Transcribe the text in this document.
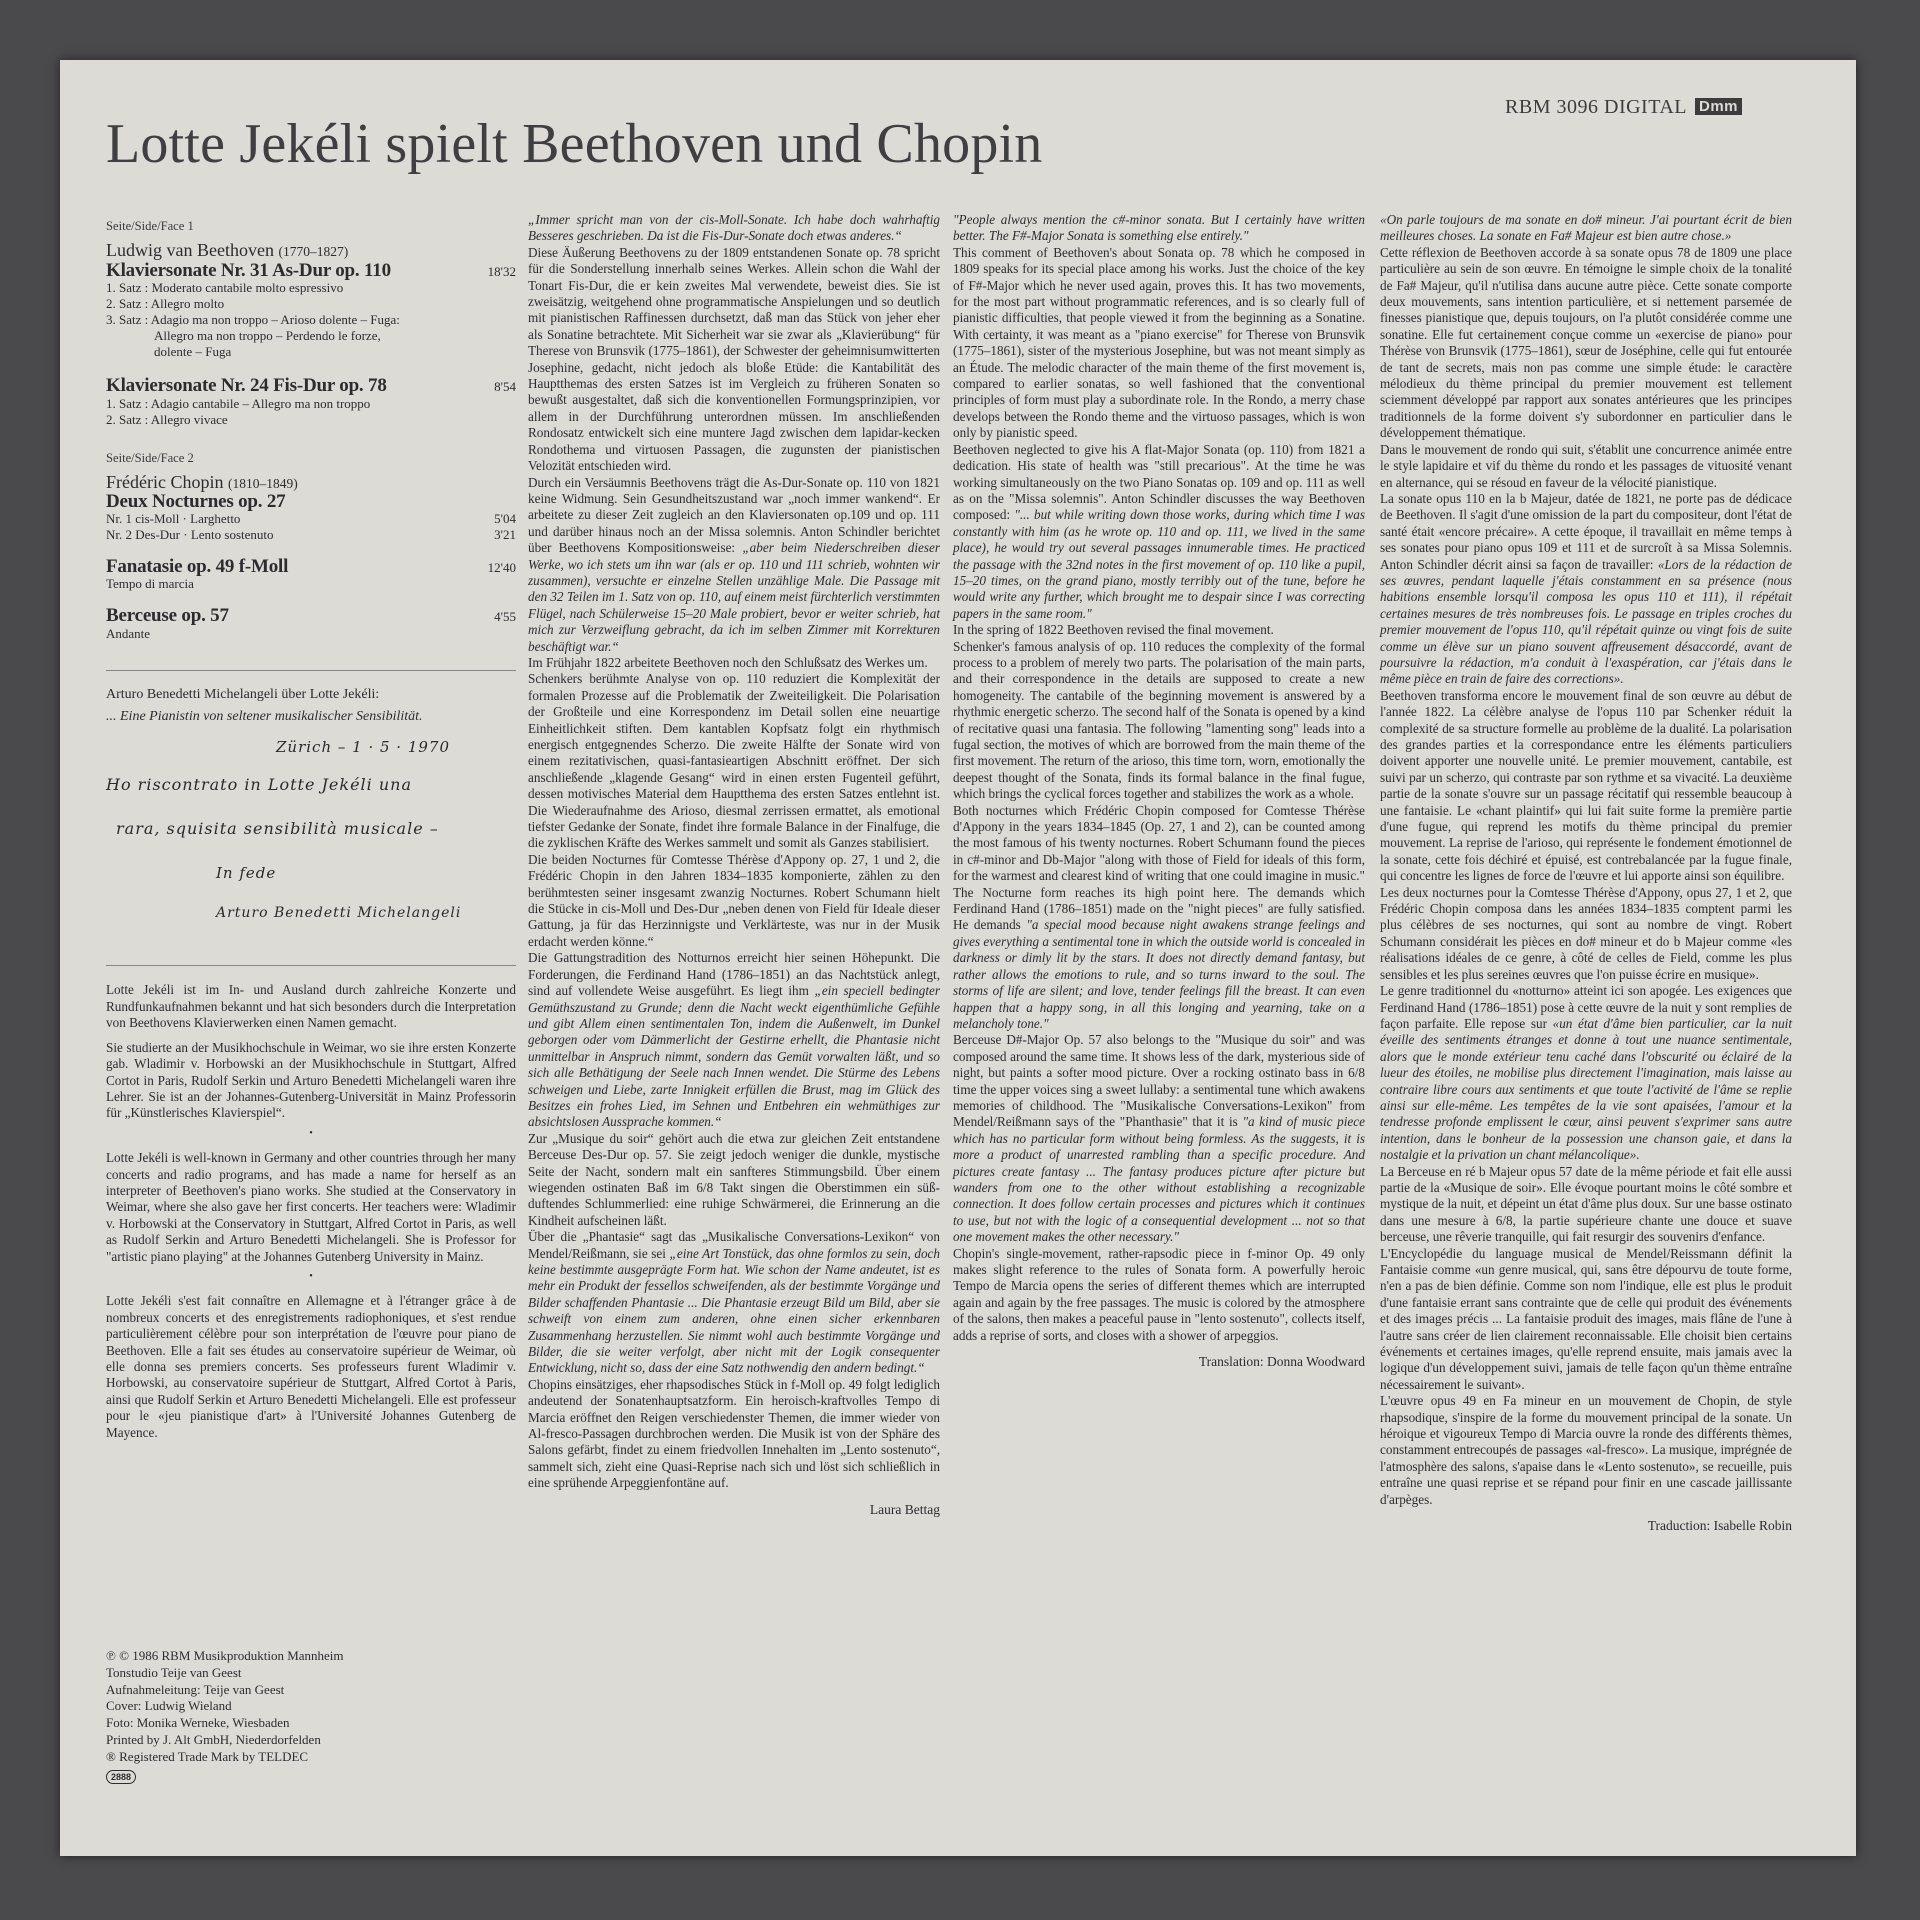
RBM 3096 DIGITAL Dmm
Lotte Jekéli spielt Beethoven und Chopin
Seite/Side/Face 1
Ludwig van Beethoven (1770–1827)
Klaviersonate Nr. 31 As-Dur op. 110	18'32
1. Satz : Moderato cantabile molto espressivo
2. Satz : Allegro molto
3. Satz : Adagio ma non troppo – Arioso dolente – Fuga:
Allegro ma non troppo – Perdendo le forze,
dolente – Fuga
Klaviersonate Nr. 24 Fis-Dur op. 78	8'54
1. Satz : Adagio cantabile – Allegro ma non troppo
2. Satz : Allegro vivace
Seite/Side/Face 2
Frédéric Chopin (1810–1849)
Deux Nocturnes op. 27
Nr. 1 cis-Moll · Larghetto	5'04
Nr. 2 Des-Dur · Lento sostenuto	3'21
Fanatasie op. 49 f-Moll	12'40
Tempo di marcia
Berceuse op. 57	4'55
Andante
Arturo Benedetti Michelangeli über Lotte Jekéli:
... Eine Pianistin von seltener musikalischer Sensibilität.
Zürich – 1 · 5 · 1970
Ho riscontrato in Lotte Jekéli una
rara, squisita sensibilità musicale –
In fede
Arturo Benedetti Michelangeli

Lotte Jekéli ist im In- und Ausland durch zahlreiche Konzerte und Rundfunkaufnahmen bekannt und hat sich besonders durch die Interpretation von Beethovens Klavierwerken einen Namen gemacht.

Sie studierte an der Musikhochschule in Weimar, wo sie ihre ersten Konzerte gab. Wladimir v. Horbowski an der Musikhochschule in Stuttgart, Alfred Cortot in Paris, Rudolf Serkin und Arturo Benedetti Michelangeli waren ihre Lehrer. Sie ist an der Johannes-Gutenberg-Universität in Mainz Professorin für „Künstlerisches Klavierspiel“.

•

Lotte Jekéli is well-known in Germany and other countries through her many concerts and radio programs, and has made a name for herself as an interpreter of Beethoven's piano works. She studied at the Conservatory in Weimar, where she also gave her first concerts. Her teachers were: Wladimir v. Horbowski at the Conservatory in Stuttgart, Alfred Cortot in Paris, as well as Rudolf Serkin and Arturo Benedetti Michelangeli. She is Professor for "artistic piano playing" at the Johannes Gutenberg University in Mainz.

•

Lotte Jekéli s'est fait connaître en Allemagne et à l'étranger grâce à de nombreux concerts et des enregistrements radiophoniques, et s'est rendue particulièrement célèbre pour son interprétation de l'œuvre pour piano de Beethoven. Elle a fait ses études au conservatoire supérieur de Weimar, où elle donna ses premiers concerts. Ses professeurs furent Wladimir v. Horbowski, au conservatoire supérieur de Stuttgart, Alfred Cortot à Paris, ainsi que Rudolf Serkin et Arturo Benedetti Michelangeli. Elle est professeur pour le «jeu pianistique d'art» à l'Université Johannes Gutenberg de Mayence.

℗ © 1986 RBM Musikproduktion Mannheim
Tonstudio Teije van Geest
Aufnahmeleitung: Teije van Geest
Cover: Ludwig Wieland
Foto: Monika Werneke, Wiesbaden
Printed by J. Alt GmbH, Niederdorfelden
® Registered Trade Mark by TELDEC
2888

„Immer spricht man von der cis-Moll-Sonate. Ich habe doch wahrhaftig Besseres geschrieben. Da ist die Fis-Dur-Sonate doch etwas anderes.“

Diese Äußerung Beethovens zu der 1809 entstandenen Sonate op. 78 spricht für die Sonderstellung innerhalb seines Werkes. Allein schon die Wahl der Tonart Fis-Dur, die er kein zweites Mal verwendete, beweist dies. Sie ist zweisätzig, weitgehend ohne programmatische Anspielungen und so deutlich mit pianistischen Raffinessen durchsetzt, daß man das Stück von jeher eher als Sonatine betrachtete. Mit Sicherheit war sie zwar als „Klavierübung“ für Therese von Brunsvik (1775–1861), der Schwester der geheimnisumwitterten Josephine, gedacht, nicht jedoch als bloße Etüde: die Kantabilität des Hauptthemas des ersten Satzes ist im Vergleich zu früheren Sonaten so bewußt ausgestaltet, daß sich die konventionellen Formungsprinzipien, vor allem in der Durchführung unterordnen müssen. Im anschließenden Rondosatz entwickelt sich eine muntere Jagd zwischen dem lapidar-kecken Rondothema und virtuosen Passagen, die zugunsten der pianistischen Velozität entschieden wird.

Durch ein Versäumnis Beethovens trägt die As-Dur-Sonate op. 110 von 1821 keine Widmung. Sein Gesundheitszustand war „noch immer wankend“. Er arbeitete zu dieser Zeit zugleich an den Klaviersonaten op.109 und op. 111 und darüber hinaus noch an der Missa solemnis. Anton Schindler berichtet über Beethovens Kompositionsweise: „aber beim Niederschreiben dieser Werke, wo ich stets um ihn war (als er op. 110 und 111 schrieb, wohnten wir zusammen), versuchte er einzelne Stellen unzählige Male. Die Passage mit den 32 Teilen im 1. Satz von op. 110, auf einem meist fürchterlich verstimmten Flügel, nach Schülerweise 15–20 Male probiert, bevor er weiter schrieb, hat mich zur Verzweiflung gebracht, da ich im selben Zimmer mit Korrekturen beschäftigt war.“

Im Frühjahr 1822 arbeitete Beethoven noch den Schlußsatz des Werkes um.

Schenkers berühmte Analyse von op. 110 reduziert die Komplexität der formalen Prozesse auf die Problematik der Zweiteiligkeit. Die Polarisation der Großteile und eine Korrespondenz im Detail sollen eine neuartige Einheitlichkeit stiften. Dem kantablen Kopfsatz folgt ein rhythmisch energisch entgegnendes Scherzo. Die zweite Hälfte der Sonate wird von einem rezitativischen, quasi-fantasieartigen Abschnitt eröffnet. Der sich anschließende „klagende Gesang“ wird in einen ersten Fugenteil geführt, dessen motivisches Material dem Hauptthema des ersten Satzes entlehnt ist. Die Wiederaufnahme des Arioso, diesmal zerrissen ermattet, als emotional tiefster Gedanke der Sonate, findet ihre formale Balance in der Finalfuge, die die zyklischen Kräfte des Werkes sammelt und somit als Ganzes stabilisiert.

Die beiden Nocturnes für Comtesse Thérèse d'Appony op. 27, 1 und 2, die Frédéric Chopin in den Jahren 1834–1835 komponierte, zählen zu den berühmtesten seiner insgesamt zwanzig Nocturnes. Robert Schumann hielt die Stücke in cis-Moll und Des-Dur „neben denen von Field für Ideale dieser Gattung, ja für das Herzinnigste und Verklärteste, was nur in der Musik erdacht werden könne.“

Die Gattungstradition des Notturnos erreicht hier seinen Höhepunkt. Die Forderungen, die Ferdinand Hand (1786–1851) an das Nachtstück anlegt, sind auf vollendete Weise ausgeführt. Es liegt ihm „ein speciell bedingter Gemüthszustand zu Grunde; denn die Nacht weckt eigenthümliche Gefühle und gibt Allem einen sentimentalen Ton, indem die Außenwelt, im Dunkel geborgen oder vom Dämmerlicht der Gestirne erhellt, die Phantasie nicht unmittelbar in Anspruch nimmt, sondern das Gemüt vorwalten läßt, und so sich alle Bethätigung der Seele nach Innen wendet. Die Stürme des Lebens schweigen und Liebe, zarte Innigkeit erfüllen die Brust, mag im Glück des Besitzes ein frohes Lied, im Sehnen und Entbehren ein wehmüthiges zur absichtslosen Aussprache kommen.“

Zur „Musique du soir“ gehört auch die etwa zur gleichen Zeit entstandene Berceuse Des-Dur op. 57. Sie zeigt jedoch weniger die dunkle, mystische Seite der Nacht, sondern malt ein sanfteres Stimmungsbild. Über einem wiegenden ostinaten Baß im 6/8 Takt singen die Oberstimmen ein süß-duftendes Schlummerlied: eine ruhige Schwärmerei, die Erinnerung an die Kindheit aufscheinen läßt.

Über die „Phantasie“ sagt das „Musikalische Conversations-Lexikon“ von Mendel/Reißmann, sie sei „eine Art Tonstück, das ohne formlos zu sein, doch keine bestimmte ausgeprägte Form hat. Wie schon der Name andeutet, ist es mehr ein Produkt der fessellos schweifenden, als der bestimmte Vorgänge und Bilder schaffenden Phantasie ... Die Phantasie erzeugt Bild um Bild, aber sie schweift von einem zum anderen, ohne einen sicher erkennbaren Zusammenhang herzustellen. Sie nimmt wohl auch bestimmte Vorgänge und Bilder, die sie weiter verfolgt, aber nicht mit der Logik consequenter Entwicklung, nicht so, dass der eine Satz nothwendig den andern bedingt.“

Chopins einsätziges, eher rhapsodisches Stück in f-Moll op. 49 folgt lediglich andeutend der Sonatenhauptsatzform. Ein heroisch-kraftvolles Tempo di Marcia eröffnet den Reigen verschiedenster Themen, die immer wieder von Al-fresco-Passagen durchbrochen werden. Die Musik ist von der Sphäre des Salons gefärbt, findet zu einem friedvollen Innehalten im „Lento sostenuto“, sammelt sich, zieht eine Quasi-Reprise nach sich und löst sich schließlich in eine sprühende Arpeggienfontäne auf.

Laura Bettag

"People always mention the c#-minor sonata. But I certainly have written better. The F#-Major Sonata is something else entirely."

This comment of Beethoven's about Sonata op. 78 which he composed in 1809 speaks for its special place among his works. Just the choice of the key of F#-Major which he never used again, proves this. It has two movements, for the most part without programmatic references, and is so clearly full of pianistic difficulties, that people viewed it from the beginning as a Sonatine. With certainty, it was meant as a "piano exercise" for Therese von Brunsvik (1775–1861), sister of the mysterious Josephine, but was not meant simply as an Étude. The melodic character of the main theme of the first movement is, compared to earlier sonatas, so well fashioned that the conventional principles of form must play a subordinate role. In the Rondo, a merry chase develops between the Rondo theme and the virtuoso passages, which is won only by pianistic speed.

Beethoven neglected to give his A flat-Major Sonata (op. 110) from 1821 a dedication. His state of health was "still precarious". At the time he was working simultaneously on the two Piano Sonatas op. 109 and op. 111 as well as on the "Missa solemnis". Anton Schindler discusses the way Beethoven composed: "... but while writing down those works, during which time I was constantly with him (as he wrote op. 110 and op. 111, we lived in the same place), he would try out several passages innumerable times. He practiced the passage with the 32nd notes in the first movement of op. 110 like a pupil, 15–20 times, on the grand piano, mostly terribly out of the tune, before he would write any further, which brought me to despair since I was correcting papers in the same room."

In the spring of 1822 Beethoven revised the final movement.

Schenker's famous analysis of op. 110 reduces the complexity of the formal process to a problem of merely two parts. The polarisation of the main parts, and their correspondence in the details are supposed to create a new homogeneity. The cantabile of the beginning movement is answered by a rhythmic energetic scherzo. The second half of the Sonata is opened by a kind of recitative quasi una fantasia. The following "lamenting song" leads into a fugal section, the motives of which are borrowed from the main theme of the first movement. The return of the arioso, this time torn, worn, emotionally the deepest thought of the Sonata, finds its formal balance in the final fugue, which brings the cyclical forces together and stabilizes the work as a whole.

Both nocturnes which Frédéric Chopin composed for Comtesse Thérèse d'Appony in the years 1834–1845 (Op. 27, 1 and 2), can be counted among the most famous of his twenty nocturnes. Robert Schumann found the pieces in c#-minor and Db-Major "along with those of Field for ideals of this form, for the warmest and clearest kind of writing that one could imagine in music."

The Nocturne form reaches its high point here. The demands which Ferdinand Hand (1786–1851) made on the "night pieces" are fully satisfied. He demands "a special mood because night awakens strange feelings and gives everything a sentimental tone in which the outside world is concealed in darkness or dimly lit by the stars. It does not directly demand fantasy, but rather allows the emotions to rule, and so turns inward to the soul. The storms of life are silent; and love, tender feelings fill the breast. It can even happen that a happy song, in all this longing and yearning, take on a melancholy tone."

Berceuse D#-Major Op. 57 also belongs to the "Musique du soir" and was composed around the same time. It shows less of the dark, mysterious side of night, but paints a softer mood picture. Over a rocking ostinato bass in 6/8 time the upper voices sing a sweet lullaby: a sentimental tune which awakens memories of childhood. The "Musikalische Conversations-Lexikon" from Mendel/Reißmann says of the "Phanthasie" that it is "a kind of music piece which has no particular form without being formless. As the suggests, it is more a product of unarrested rambling than a specific procedure. And pictures create fantasy ... The fantasy produces picture after picture but wanders from one to the other without establishing a recognizable connection. It does follow certain processes and pictures which it continues to use, but not with the logic of a consequential development ... not so that one movement makes the other necessary."

Chopin's single-movement, rather-rapsodic piece in f-minor Op. 49 only makes slight reference to the rules of Sonata form. A powerfully heroic Tempo de Marcia opens the series of different themes which are interrupted again and again by the free passages. The music is colored by the atmosphere of the salons, then makes a peaceful pause in "lento sostenuto", collects itself, adds a reprise of sorts, and closes with a shower of arpeggios.

Translation: Donna Woodward

«On parle toujours de ma sonate en do# mineur. J'ai pourtant écrit de bien meilleures choses. La sonate en Fa# Majeur est bien autre chose.»

Cette réflexion de Beethoven accorde à sa sonate opus 78 de 1809 une place particulière au sein de son œuvre. En témoigne le simple choix de la tonalité de Fa# Majeur, qu'il n'utilisa dans aucune autre pièce. Cette sonate comporte deux mouvements, sans intention particulière, et si nettement parsemée de finesses pianistique que, depuis toujours, on l'a plutôt considérée comme une sonatine. Elle fut certainement conçue comme un «exercise de piano» pour Thérèse von Brunsvik (1775–1861), sœur de Joséphine, celle qui fut entourée de tant de secrets, mais non pas comme une simple étude: le caractère mélodieux du thème principal du premier mouvement est tellement sciemment développé par rapport aux sonates antérieures que les principes traditionnels de la forme doivent s'y subordonner en particulier dans le développement thématique.

Dans le mouvement de rondo qui suit, s'établit une concurrence animée entre le style lapidaire et vif du thème du rondo et les passages de vituosité venant en alternance, qui se résoud en faveur de la vélocité pianistique.

La sonate opus 110 en la b Majeur, datée de 1821, ne porte pas de dédicace de Beethoven. Il s'agit d'une omission de la part du compositeur, dont l'état de santé était «encore précaire». A cette époque, il travaillait en même temps à ses sonates pour piano opus 109 et 111 et de surcroît à sa Missa Solemnis. Anton Schindler décrit ainsi sa façon de travailler: «Lors de la rédaction de ses œuvres, pendant laquelle j'étais constamment en sa présence (nous habitions ensemble lorsqu'il composa les opus 110 et 111), il répétait certaines mesures de très nombreuses fois. Le passage en triples croches du premier mouvement de l'opus 110, qu'il répétait quinze ou vingt fois de suite comme un élève sur un piano souvent affreusement désaccordé, avant de poursuivre la rédaction, m'a conduit à l'exaspération, car j'étais dans le même pièce en train de faire des corrections».

Beethoven transforma encore le mouvement final de son œuvre au début de l'année 1822. La célèbre analyse de l'opus 110 par Schenker réduit la complexité de sa structure formelle au problème de la dualité. La polarisation des grandes parties et la correspondance entre les éléments particuliers doivent apporter une nouvelle unité. Le premier mouvement, cantabile, est suivi par un scherzo, qui contraste par son rythme et sa vivacité. La deuxième partie de la sonate s'ouvre sur un passage récitatif qui ressemble beaucoup à une fantaisie. Le «chant plaintif» qui lui fait suite forme la première partie d'une fugue, qui reprend les motifs du thème principal du premier mouvement. La reprise de l'arioso, qui représente le fondement émotionnel de la sonate, cette fois déchiré et épuisé, est contrebalancée par la fugue finale, qui concentre les lignes de force de l'œuvre et lui apporte ainsi son équilibre.

Les deux nocturnes pour la Comtesse Thérèse d'Appony, opus 27, 1 et 2, que Frédéric Chopin composa dans les années 1834–1835 comptent parmi les plus célèbres de ses nocturnes, qui sont au nombre de vingt. Robert Schumann considérait les pièces en do# mineur et do b Majeur comme «les réalisations idéales de ce genre, à côté de celles de Field, comme les plus sensibles et les plus sereines œuvres que l'on puisse écrire en musique».

Le genre traditionnel du «notturno» atteint ici son apogée. Les exigences que Ferdinand Hand (1786–1851) pose à cette œuvre de la nuit y sont remplies de façon parfaite. Elle repose sur «un état d'âme bien particulier, car la nuit éveille des sentiments étranges et donne à tout une nuance sentimentale, alors que le monde extérieur tenu caché dans l'obscurité ou éclairé de la lueur des étoiles, ne mobilise plus directement l'imagination, mais laisse au contraire libre cours aux sentiments et que toute l'activité de l'âme se replie ainsi sur elle-même. Les tempêtes de la vie sont apaisées, l'amour et la tendresse profonde emplissent le cœur, ainsi peuvent s'exprimer sans autre intention, dans le bonheur de la possession une chanson gaie, et dans la nostalgie et la privation un chant mélancolique».

La Berceuse en ré b Majeur opus 57 date de la même période et fait elle aussi partie de la «Musique de soir». Elle évoque pourtant moins le côté sombre et mystique de la nuit, et dépeint un état d'âme plus doux. Sur une basse ostinato dans une mesure à 6/8, la partie supérieure chante une douce et suave berceuse, une rêverie tranquille, qui fait resurgir des souvenirs d'enfance.

L'Encyclopédie du language musical de Mendel/Reissmann définit la Fantaisie comme «un genre musical, qui, sans être dépourvu de toute forme, n'en a pas de bien définie. Comme son nom l'indique, elle est plus le produit d'une fantaisie errant sans contrainte que de celle qui produit des événements et des images précis ... La fantaisie produit des images, mais flâne de l'une à l'autre sans créer de lien clairement reconnaissable. Elle choisit bien certains événements et certaines images, qu'elle reprend ensuite, mais jamais avec la logique d'un développement suivi, jamais de telle façon qu'un thème entraîne nécessairement le suivant».

L'œuvre opus 49 en Fa mineur en un mouvement de Chopin, de style rhapsodique, s'inspire de la forme du mouvement principal de la sonate. Un héroique et vigoureux Tempo di Marcia ouvre la ronde des différents thèmes, constamment entrecoupés de passages «al-fresco». La musique, imprégnée de l'atmosphère des salons, s'apaise dans le «Lento sostenuto», se recueille, puis entraîne une quasi reprise et se répand pour finir en une cascade jaillissante d'arpèges.

Traduction: Isabelle Robin
